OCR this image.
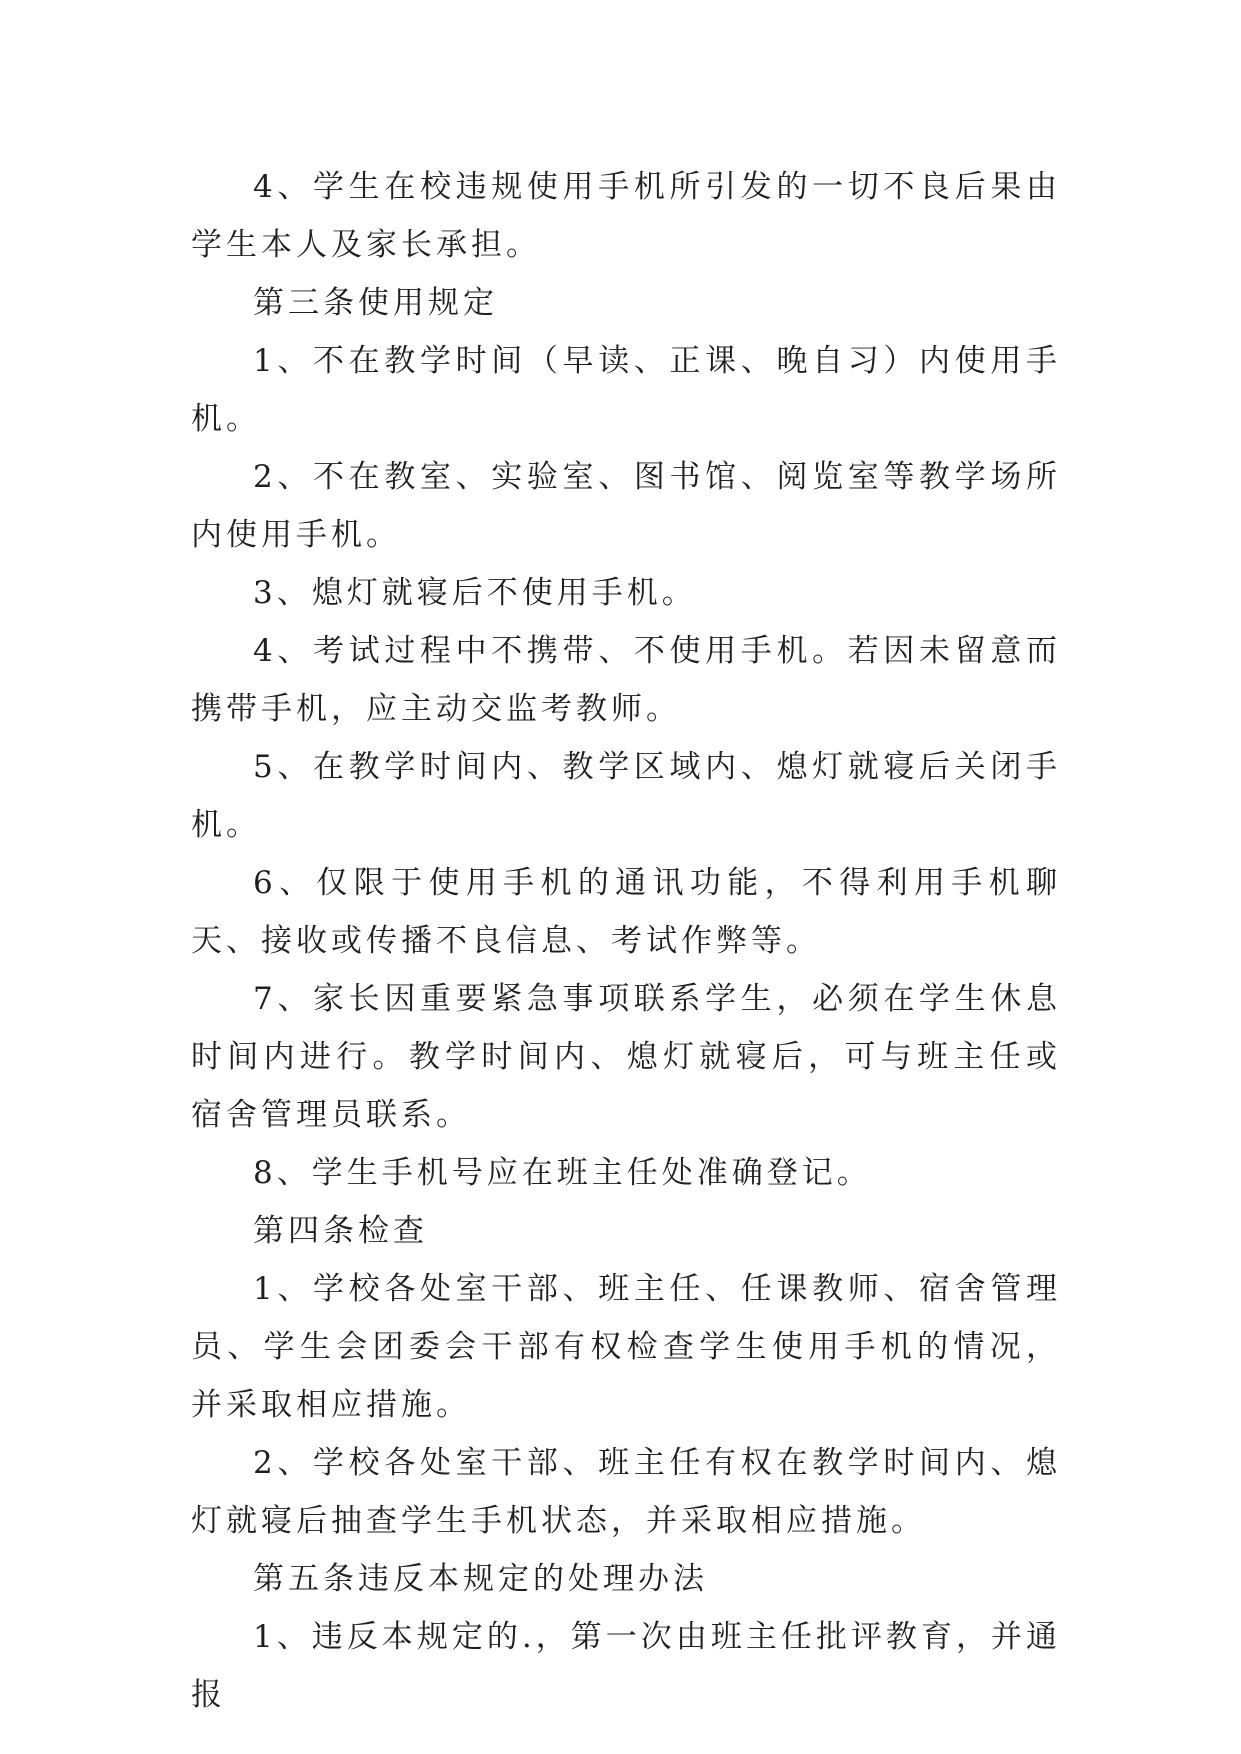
4、学生在校违规使用手机所引发的一切不良后果由学生本人及家长承担。

第三条使用规定

1、不在教学时间（早读、正课、晚自习）内使用手机。

2、不在教室、实验室、图书馆、阅览室等教学场所内使用手机。

3、熄灯就寝后不使用手机。

4、考试过程中不携带、不使用手机。若因未留意而携带手机，应主动交监考教师。

5、在教学时间内、教学区域内、熄灯就寝后关闭手机。

6、仅限于使用手机的通讯功能，不得利用手机聊天、接收或传播不良信息、考试作弊等。

7、家长因重要紧急事项联系学生，必须在学生休息时间内进行。教学时间内、熄灯就寝后，可与班主任或宿舍管理员联系。

8、学生手机号应在班主任处准确登记。

第四条检查

1、学校各处室干部、班主任、任课教师、宿舍管理员、学生会团委会干部有权检查学生使用手机的情况，并采取相应措施。

2、学校各处室干部、班主任有权在教学时间内、熄灯就寝后抽查学生手机状态，并采取相应措施。

第五条违反本规定的处理办法

1、违反本规定的.，第一次由班主任批评教育，并通报
